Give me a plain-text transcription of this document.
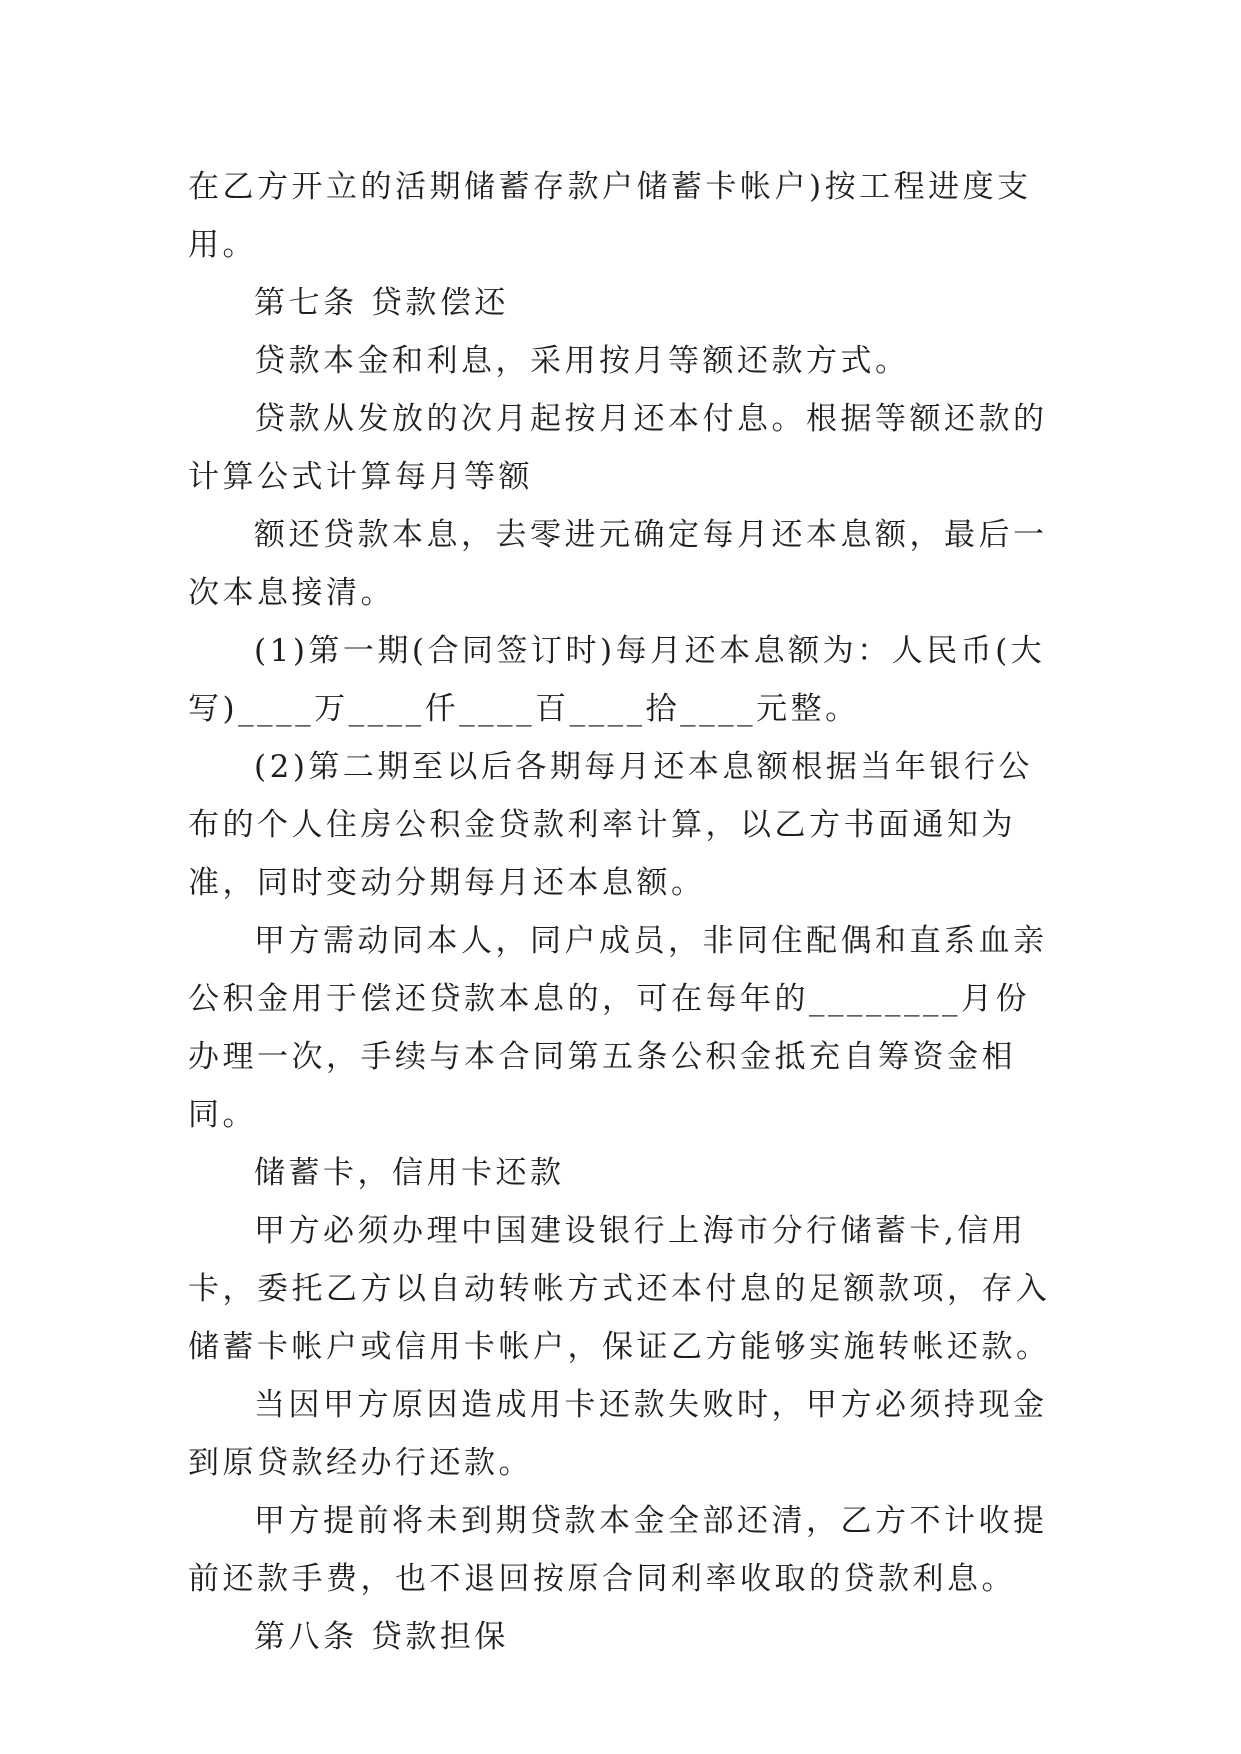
在乙方开立的活期储蓄存款户储蓄卡帐户)按工程进度支用。

第七条 贷款偿还

贷款本金和利息，采用按月等额还款方式。

贷款从发放的次月起按月还本付息。根据等额还款的计算公式计算每月等额

额还贷款本息，去零进元确定每月还本息额，最后一次本息接清。

(1)第一期(合同签订时)每月还本息额为：人民币(大写)____万____仟____百____拾____元整。

(2)第二期至以后各期每月还本息额根据当年银行公布的个人住房公积金贷款利率计算，以乙方书面通知为准，同时变动分期每月还本息额。

甲方需动同本人，同户成员，非同住配偶和直系血亲公积金用于偿还贷款本息的，可在每年的________月份办理一次，手续与本合同第五条公积金抵充自筹资金相同。

储蓄卡，信用卡还款

甲方必须办理中国建设银行上海市分行储蓄卡,信用卡，委托乙方以自动转帐方式还本付息的足额款项，存入储蓄卡帐户或信用卡帐户，保证乙方能够实施转帐还款。

当因甲方原因造成用卡还款失败时，甲方必须持现金到原贷款经办行还款。

甲方提前将未到期贷款本金全部还清，乙方不计收提前还款手费，也不退回按原合同利率收取的贷款利息。

第八条 贷款担保
